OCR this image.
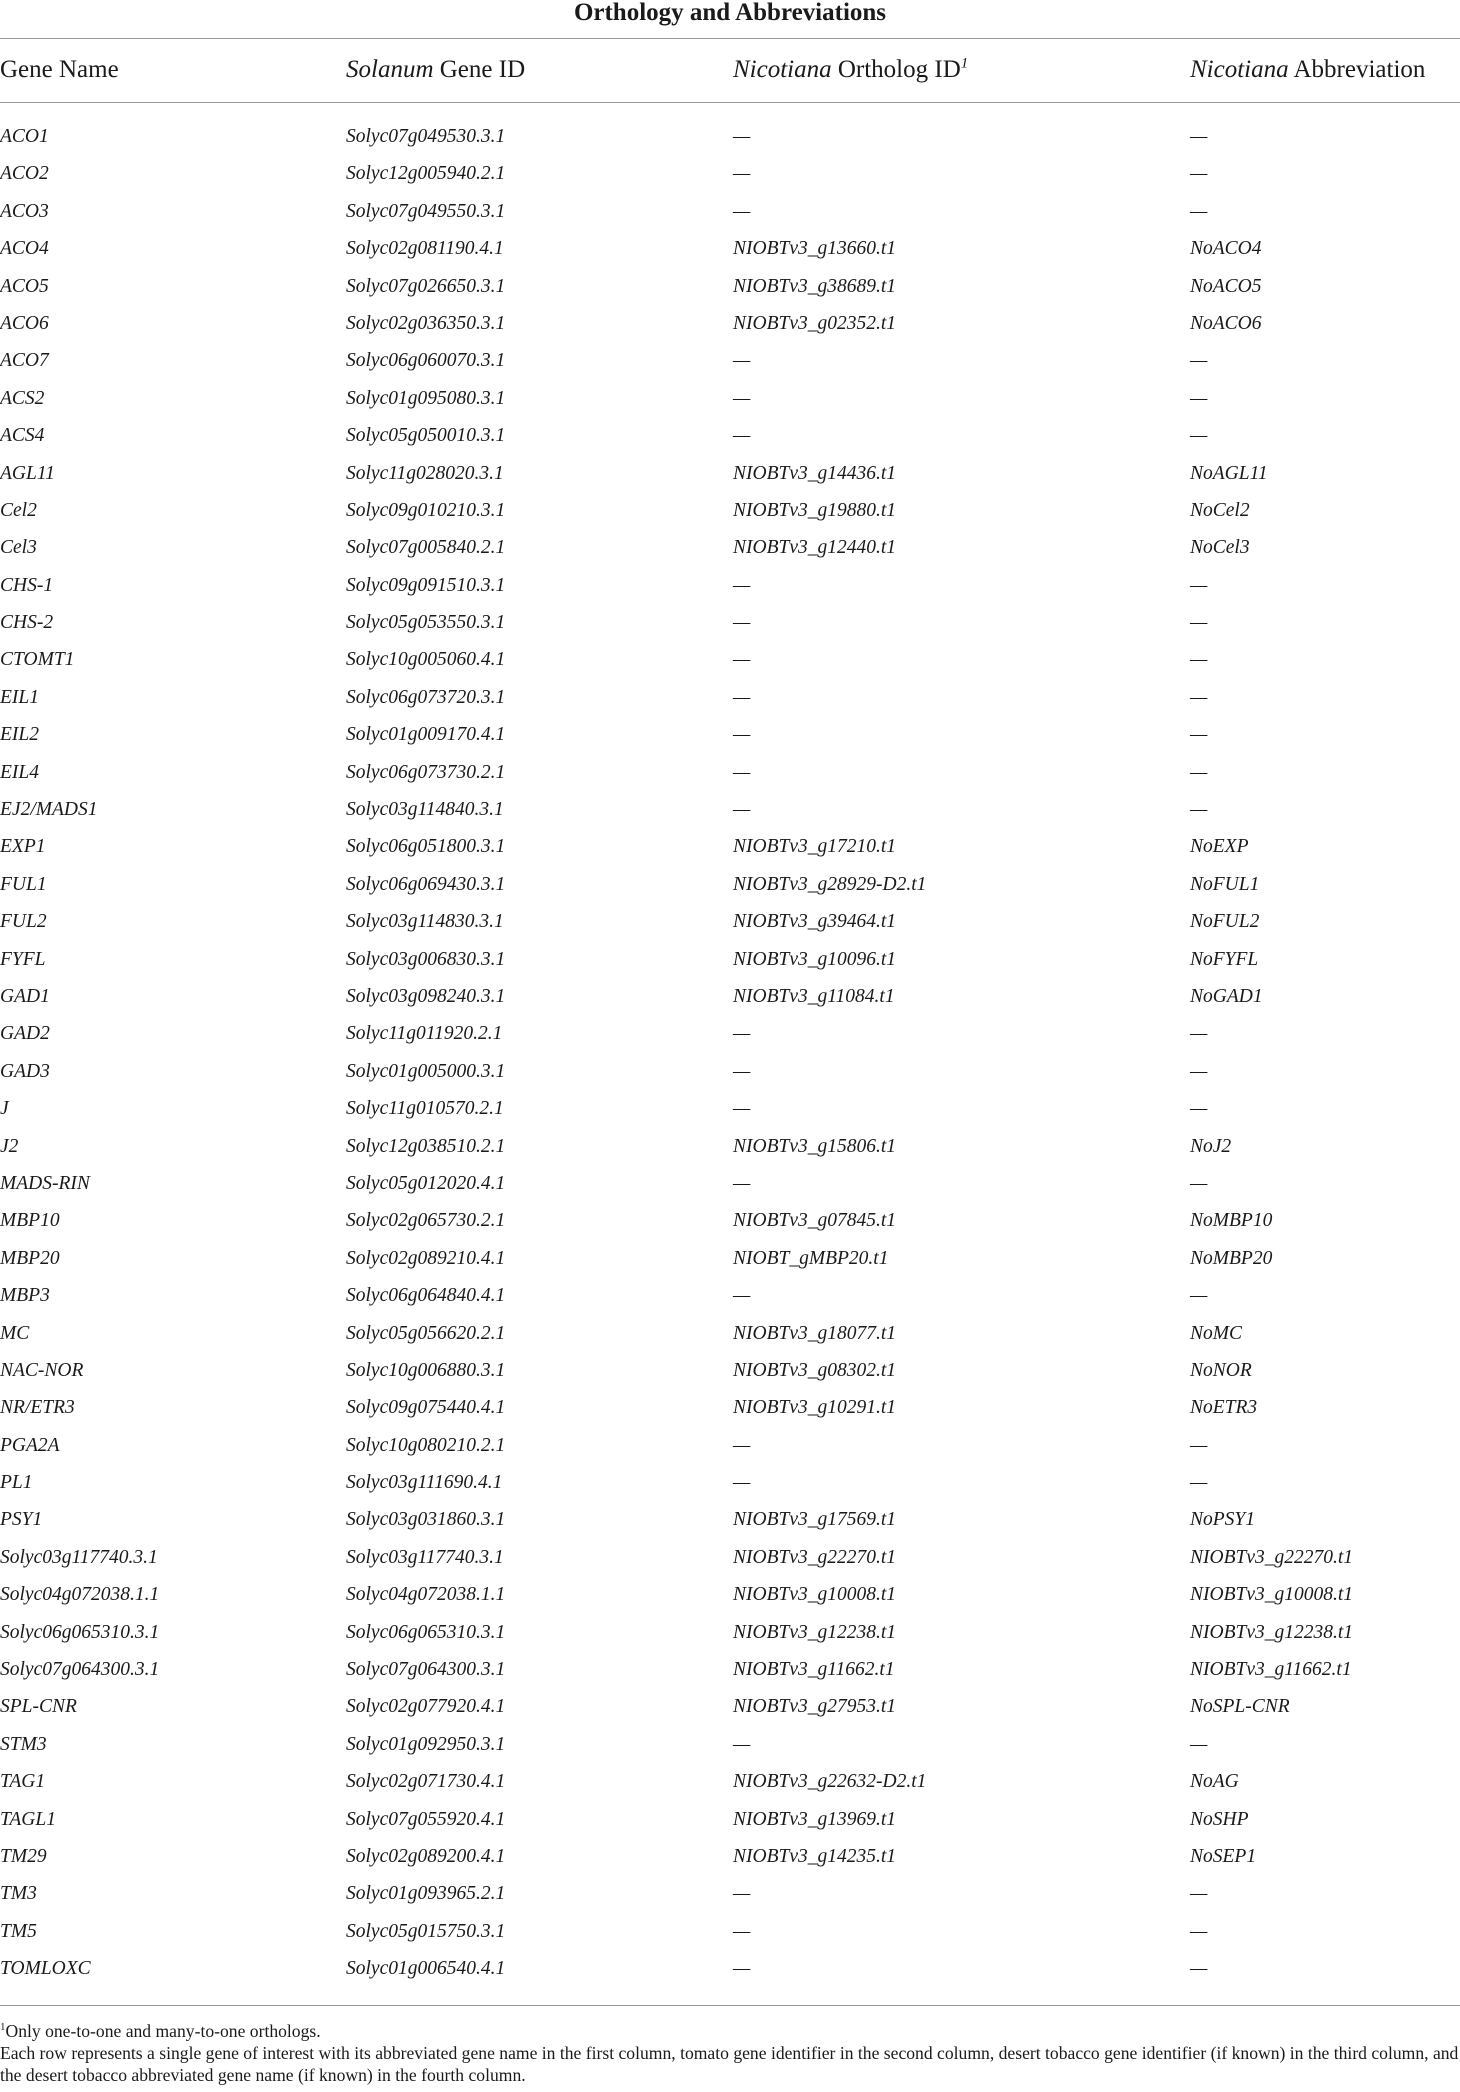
Orthology and Abbreviations
Gene Name	Solanum Gene ID	Nicotiana Ortholog $ID^1$	Nicotiana Abbreviation
ACO1	Solyc07g049530.3.1	—	—
ACO2	Solyc12g005940.2.1	—	—
ACO3	Solyc07g049550.3.1	—	—
ACO4	Solyc02g081190.4.1	NIOBTv3_g13660.t1	NoACO4
ACO5	Solyc07g026650.3.1	NIOBTv3_g38689.t1	NoACO5
ACO6	Solyc02g036350.3.1	NIOBTv3_g02352.t1	NoACO6
ACO7	Solyc06g060070.3.1	—	—
ACS2	Solyc01g095080.3.1	—	—
ACS4	Solyc05g050010.3.1	—	—
AGL11	Solyc11g028020.3.1	NIOBTv3_g14436.t1	NoAGL11
Cel2	Solyc09g010210.3.1	NIOBTv3_g19880.t1	NoCel2
Cel3	Solyc07g005840.2.1	NIOBTv3_g12440.t1	NoCel3
CHS-1	Solyc09g091510.3.1	—	—
CHS-2	Solyc05g053550.3.1	—	—
CTOMT1	Solyc10g005060.4.1	—	—
EIL1	Solyc06g073720.3.1	—	—
EIL2	Solyc01g009170.4.1	—	—
EIL4	Solyc06g073730.2.1	—	—
EJ2/MADS1	Solyc03g114840.3.1	—	—
EXP1	Solyc06g051800.3.1	NIOBTv3_g17210.t1	NoEXP
FUL1	Solyc06g069430.3.1	NIOBTv3_g28929-D2.t1	NoFUL1
FUL2	Solyc03g114830.3.1	NIOBTv3_g39464.t1	NoFUL2
FYFL	Solyc03g006830.3.1	NIOBTv3_g10096.t1	NoFYFL
GAD1	Solyc03g098240.3.1	NIOBTv3_g11084.t1	NoGAD1
GAD2	Solyc11g011920.2.1	—	—
GAD3	Solyc01g005000.3.1	—	—
J	Solyc11g010570.2.1	—	—
J2	Solyc12g038510.2.1	NIOBTv3_g15806.t1	NoJ2
MADS-RIN	Solyc05g012020.4.1	—	—
MBP10	Solyc02g065730.2.1	NIOBTv3_g07845.t1	NoMBP10
MBP20	Solyc02g089210.4.1	NIOBT_gMBP20.t1	NoMBP20
MBP3	Solyc06g064840.4.1	—	—
MC	Solyc05g056620.2.1	NIOBTv3_g18077.t1	NoMC
NAC-NOR	Solyc10g006880.3.1	NIOBTv3_g08302.t1	NoNOR
NR/ETR3	Solyc09g075440.4.1	NIOBTv3_g10291.t1	NoETR3
PGA2A	Solyc10g080210.2.1	—	—
PL1	Solyc03g111690.4.1	—	—
PSY1	Solyc03g031860.3.1	NIOBTv3_g17569.t1	NoPSY1
Solyc03g117740.3.1	Solyc03g117740.3.1	NIOBTv3_g22270.t1	NIOBTv3_g22270.t1
Solyc04g072038.1.1	Solyc04g072038.1.1	NIOBTv3_g10008.t1	NIOBTv3_g10008.t1
Solyc06g065310.3.1	Solyc06g065310.3.1	NIOBTv3_g12238.t1	NIOBTv3_g12238.t1
Solyc07g064300.3.1	Solyc07g064300.3.1	NIOBTv3_g11662.t1	NIOBTv3_g11662.t1
SPL-CNR	Solyc02g077920.4.1	NIOBTv3_g27953.t1	NoSPL-CNR
STM3	Solyc01g092950.3.1	—	—
TAG1	Solyc02g071730.4.1	NIOBTv3_g22632-D2.t1	NoAG
TAGL1	Solyc07g055920.4.1	NIOBTv3_g13969.t1	NoSHP
TM29	Solyc02g089200.4.1	NIOBTv3_g14235.t1	NoSEP1
TM3	Solyc01g093965.2.1	—	—
TM5	Solyc05g015750.3.1	—	—
TOMLOXC	Solyc01g006540.4.1	—	—

$^1$Only one-to-one and many-to-one orthologs.

Each row represents a single gene of interest with its abbreviated gene name in the first column, tomato gene identifier in the second column, desert tobacco gene identifier (if known) in the third column, and the desert tobacco abbreviated gene name (if known) in the fourth column.
